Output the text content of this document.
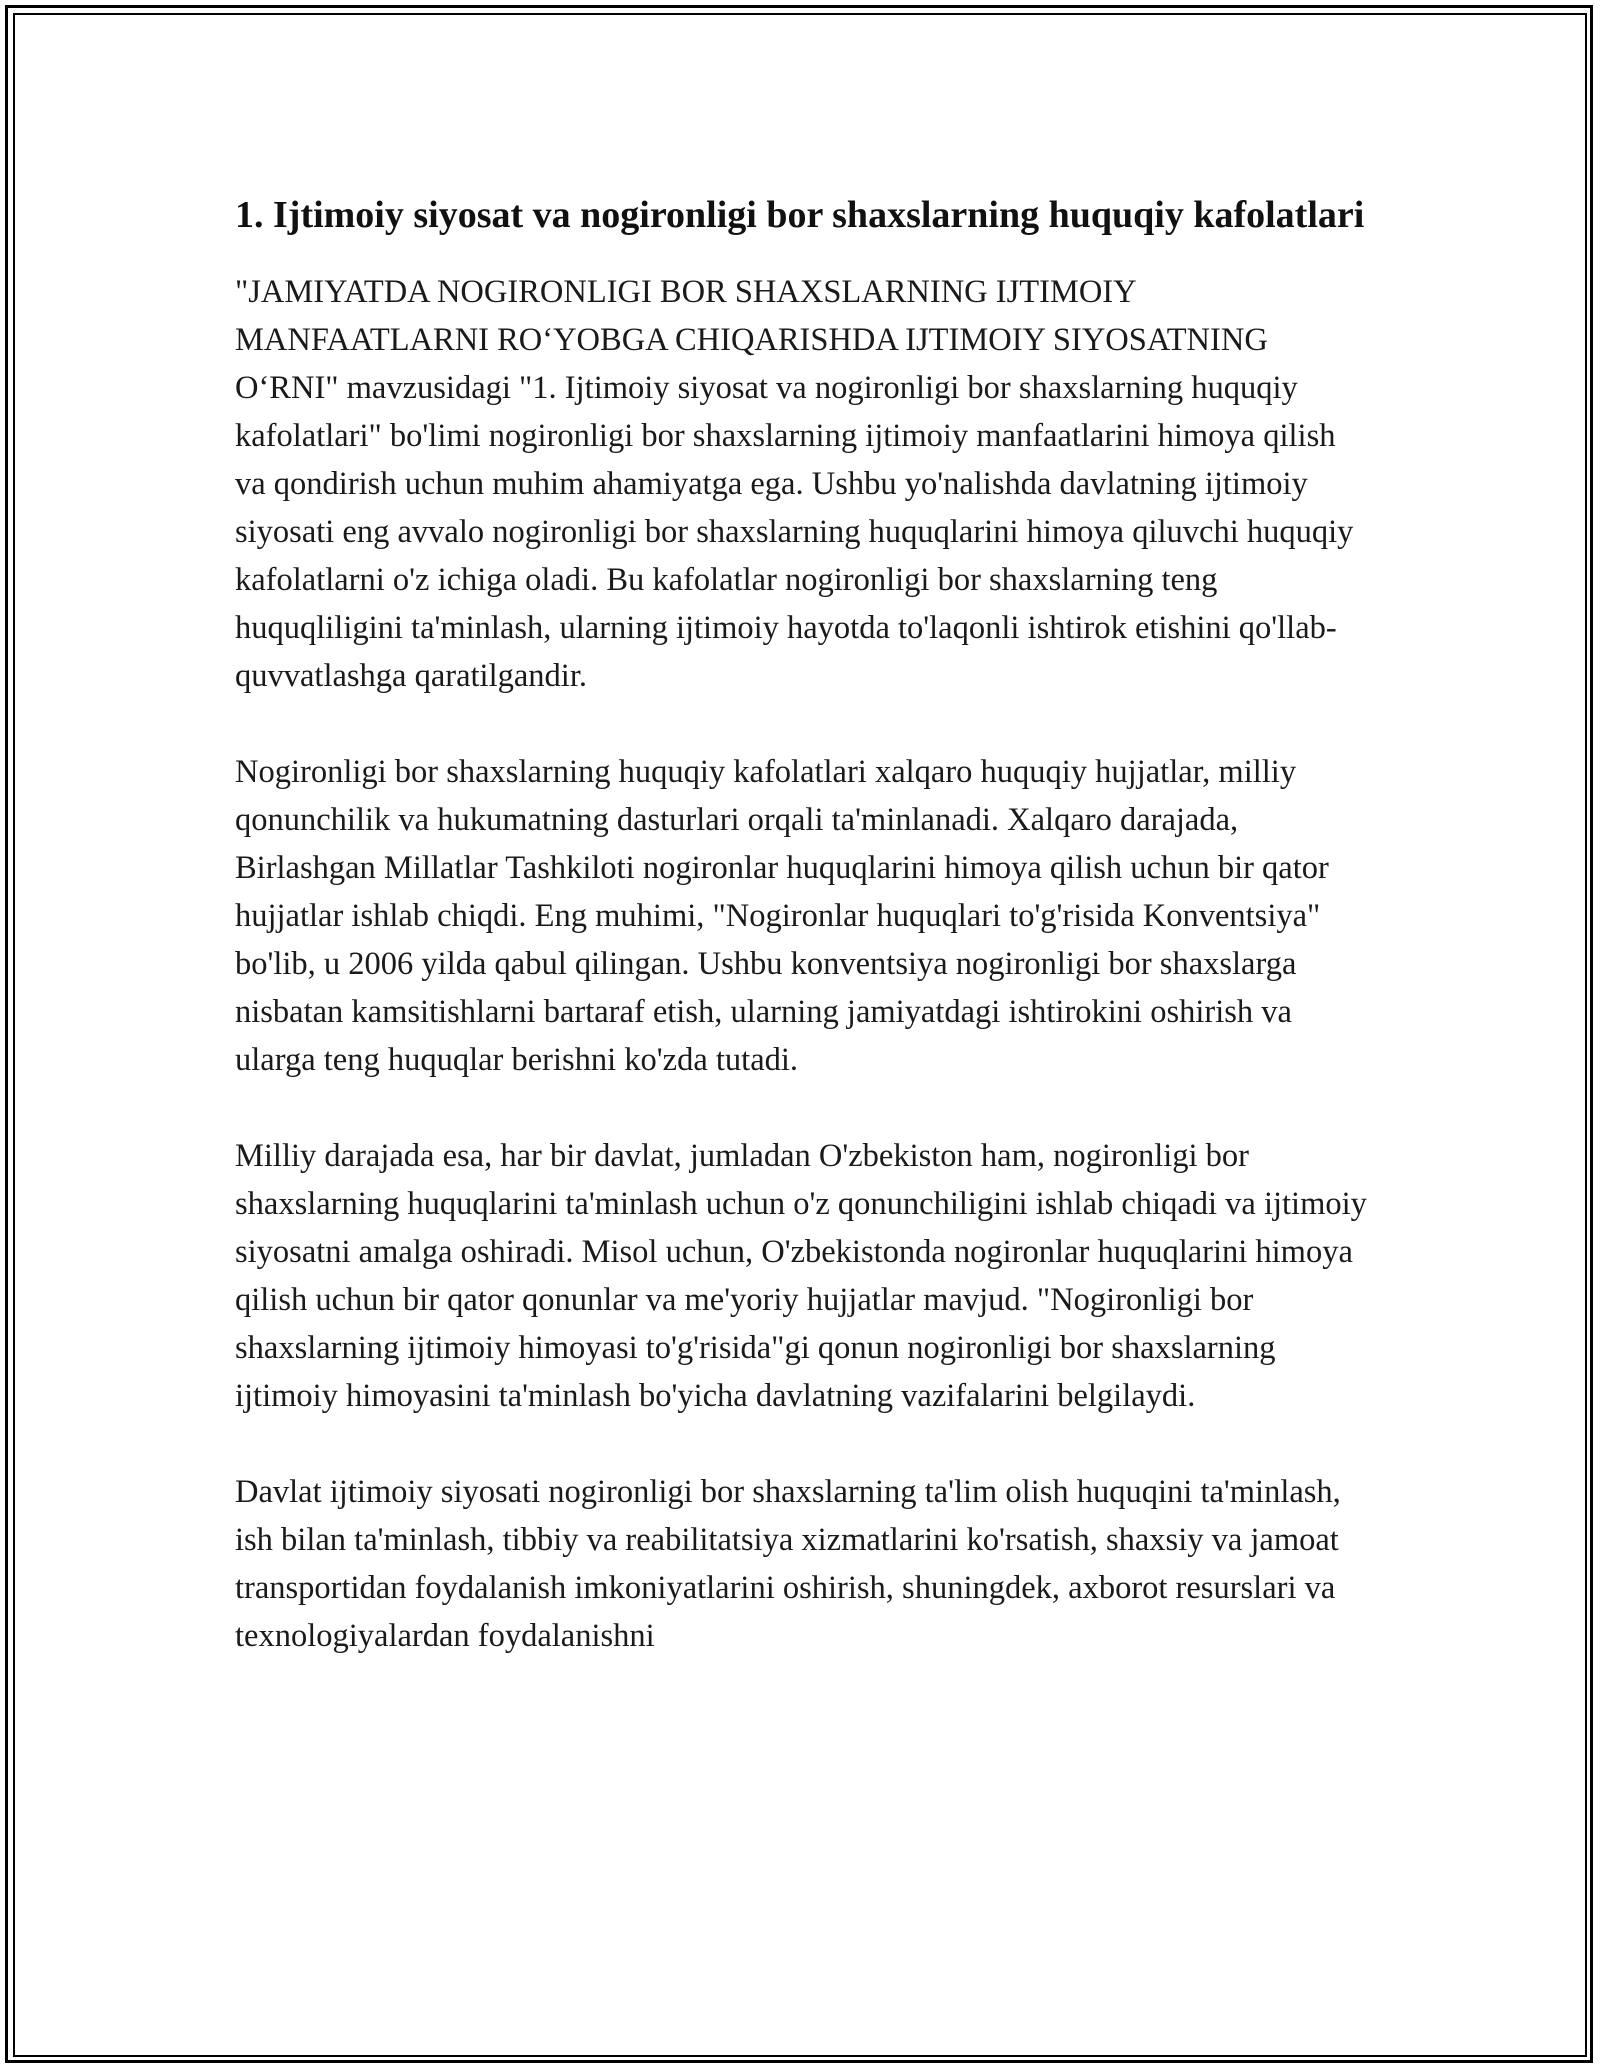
1. Ijtimoiy siyosat va nogironligi bor shaxslarning huquqiy kafolatlari

"JAMIYATDA NOGIRONLIGI BOR SHAXSLARNING IJTIMOIY MANFAATLARNI RO‘YOBGA CHIQARISHDA IJTIMOIY SIYOSATNING O‘RNI" mavzusidagi "1. Ijtimoiy siyosat va nogironligi bor shaxslarning huquqiy kafolatlari" bo'limi nogironligi bor shaxslarning ijtimoiy manfaatlarini himoya qilish va qondirish uchun muhim ahamiyatga ega. Ushbu yo'nalishda davlatning ijtimoiy siyosati eng avvalo nogironligi bor shaxslarning huquqlarini himoya qiluvchi huquqiy kafolatlarni o'z ichiga oladi. Bu kafolatlar nogironligi bor shaxslarning teng huquqliligini ta'minlash, ularning ijtimoiy hayotda to'laqonli ishtirok etishini qo'llab-quvvatlashga qaratilgandir.

Nogironligi bor shaxslarning huquqiy kafolatlari xalqaro huquqiy hujjatlar, milliy qonunchilik va hukumatning dasturlari orqali ta'minlanadi. Xalqaro darajada, Birlashgan Millatlar Tashkiloti nogironlar huquqlarini himoya qilish uchun bir qator hujjatlar ishlab chiqdi. Eng muhimi, "Nogironlar huquqlari to'g'risida Konventsiya" bo'lib, u 2006 yilda qabul qilingan. Ushbu konventsiya nogironligi bor shaxslarga nisbatan kamsitishlarni bartaraf etish, ularning jamiyatdagi ishtirokini oshirish va ularga teng huquqlar berishni ko'zda tutadi.

Milliy darajada esa, har bir davlat, jumladan O'zbekiston ham, nogironligi bor shaxslarning huquqlarini ta'minlash uchun o'z qonunchiligini ishlab chiqadi va ijtimoiy siyosatni amalga oshiradi. Misol uchun, O'zbekistonda nogironlar huquqlarini himoya qilish uchun bir qator qonunlar va me'yoriy hujjatlar mavjud. "Nogironligi bor shaxslarning ijtimoiy himoyasi to'g'risida"gi qonun nogironligi bor shaxslarning ijtimoiy himoyasini ta'minlash bo'yicha davlatning vazifalarini belgilaydi.

Davlat ijtimoiy siyosati nogironligi bor shaxslarning ta'lim olish huquqini ta'minlash, ish bilan ta'minlash, tibbiy va reabilitatsiya xizmatlarini ko'rsatish, shaxsiy va jamoat transportidan foydalanish imkoniyatlarini oshirish, shuningdek, axborot resurslari va texnologiyalardan foydalanishni
